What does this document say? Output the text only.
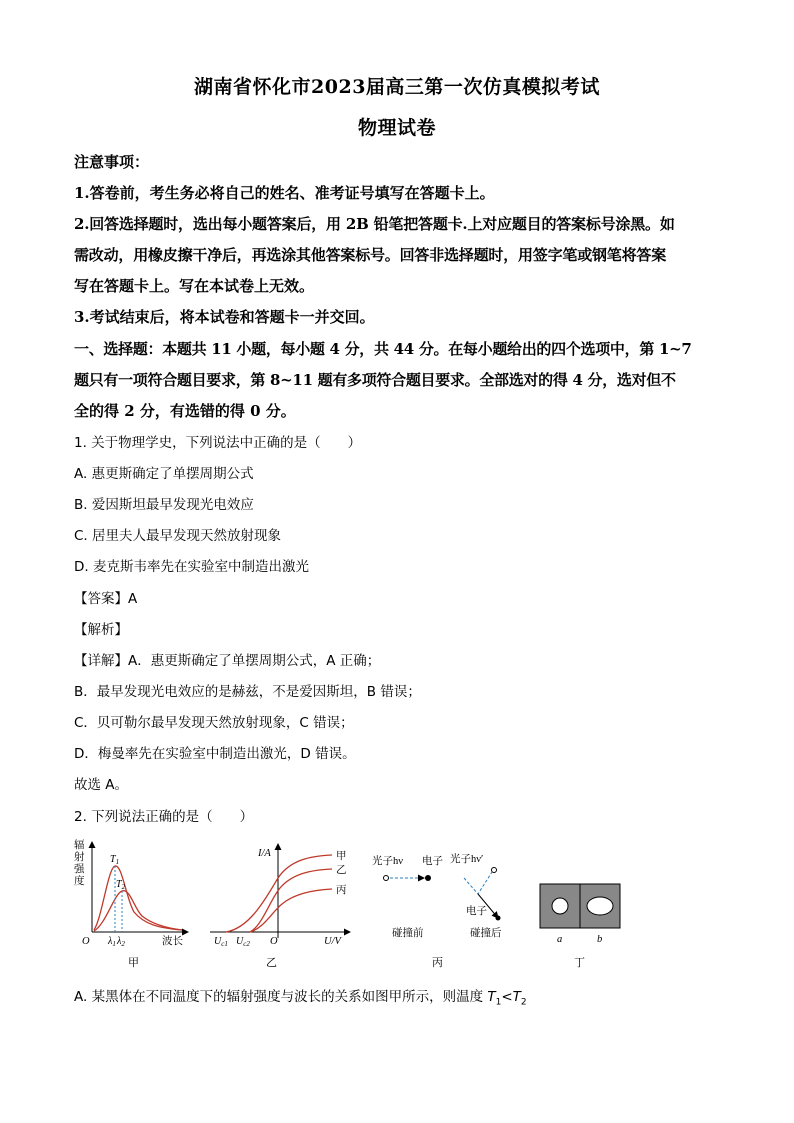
湖南省怀化市2023届高三第一次仿真模拟考试
物理试卷
注意事项：
1.答卷前，考生务必将自己的姓名、准考证号填写在答题卡上。
2.回答选择题时，选出每小题答案后，用 2B 铅笔把答题卡.上对应题目的答案标号涂黑。如
需改动，用橡皮擦干净后，再选涂其他答案标号。回答非选择题时，用签字笔或钢笔将答案
写在答题卡上。写在本试卷上无效。
3.考试结束后，将本试卷和答题卡一并交回。
一、选择题：本题共 11 小题，每小题 4 分，共 44 分。在每小题给出的四个选项中，第 1~7
题只有一项符合题目要求，第 8~11 题有多项符合题目要求。全部选对的得 4 分，选对但不
全的得 2 分，有选错的得 0 分。
1. 关于物理学史，下列说法中正确的是（　　）
A. 惠更斯确定了单摆周期公式
B. 爱因斯坦最早发现光电效应
C. 居里夫人最早发现天然放射现象
D. 麦克斯韦率先在实验室中制造出激光
【答案】A
【解析】
【详解】A．惠更斯确定了单摆周期公式，A 正确；
B．最早发现光电效应的是赫兹，不是爱因斯坦，B 错误；
C．贝可勒尔最早发现天然放射现象，C 错误；
D．梅曼率先在实验室中制造出激光，D 错误。
故选 A。
2. 下列说法正确的是（　　）
辐
射
强
度
$T_1$
$T_2$
O $\lambda_1$ $\lambda_2$	波长
甲
I/A	甲
乙
丙
$U_{c1}$ $U_{c2}$ O	U/V
乙
光子hν 电子 光子hν′
电子
碰撞前	碰撞后
丙
a	b
丁
A. 某黑体在不同温度下的辐射强度与波长的关系如图甲所示，则温度 $T_1<T_2$
